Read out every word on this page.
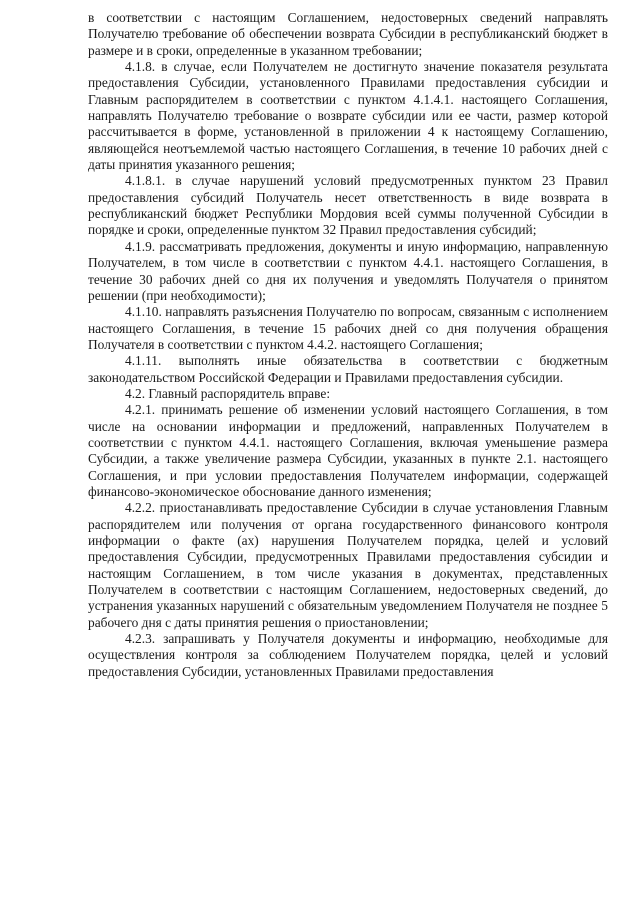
в соответствии с настоящим Соглашением, недостоверных сведений направлять Получателю требование об обеспечении возврата Субсидии в республиканский бюджет в размере и в сроки, определенные в указанном требовании;

4.1.8. в случае, если Получателем не достигнуто значение показателя результата предоставления Субсидии, установленного Правилами предоставления субсидии и Главным распорядителем в соответствии с пунктом 4.1.4.1. настоящего Соглашения, направлять Получателю требование о возврате субсидии или ее части, размер которой рассчитывается в форме, установленной в приложении 4 к настоящему Соглашению, являющейся неотъемлемой частью настоящего Соглашения, в течение 10 рабочих дней с даты принятия указанного решения;

4.1.8.1. в случае нарушений условий предусмотренных пунктом 23 Правил предоставления субсидий Получатель несет ответственность в виде возврата в республиканский бюджет Республики Мордовия всей суммы полученной Субсидии в порядке и сроки, определенные пунктом 32 Правил предоставления субсидий;

4.1.9. рассматривать предложения, документы и иную информацию, направленную Получателем, в том числе в соответствии с пунктом 4.4.1. настоящего Соглашения, в течение 30 рабочих дней со дня их получения и уведомлять Получателя о принятом решении (при необходимости);

4.1.10. направлять разъяснения Получателю по вопросам, связанным с исполнением настоящего Соглашения, в течение 15 рабочих дней со дня получения обращения Получателя в соответствии с пунктом 4.4.2. настоящего Соглашения;

4.1.11. выполнять иные обязательства в соответствии с бюджетным законодательством Российской Федерации и Правилами предоставления субсидии.

4.2. Главный распорядитель вправе:

4.2.1. принимать решение об изменении условий настоящего Соглашения, в том числе на основании информации и предложений, направленных Получателем в соответствии с пунктом 4.4.1. настоящего Соглашения, включая уменьшение размера Субсидии, а также увеличение размера Субсидии, указанных в пункте 2.1. настоящего Соглашения, и при условии предоставления Получателем информации, содержащей финансово-экономическое обоснование данного изменения;

4.2.2. приостанавливать предоставление Субсидии в случае установления Главным распорядителем или получения от органа государственного финансового контроля информации о факте (ах) нарушения Получателем порядка, целей и условий предоставления Субсидии, предусмотренных Правилами предоставления субсидии и настоящим Соглашением, в том числе указания в документах, представленных Получателем в соответствии с настоящим Соглашением, недостоверных сведений, до устранения указанных нарушений с обязательным уведомлением Получателя не позднее 5 рабочего дня с даты принятия решения о приостановлении;

4.2.3. запрашивать у Получателя документы и информацию, необходимые для осуществления контроля за соблюдением Получателем порядка, целей и условий предоставления Субсидии, установленных Правилами предоставления
